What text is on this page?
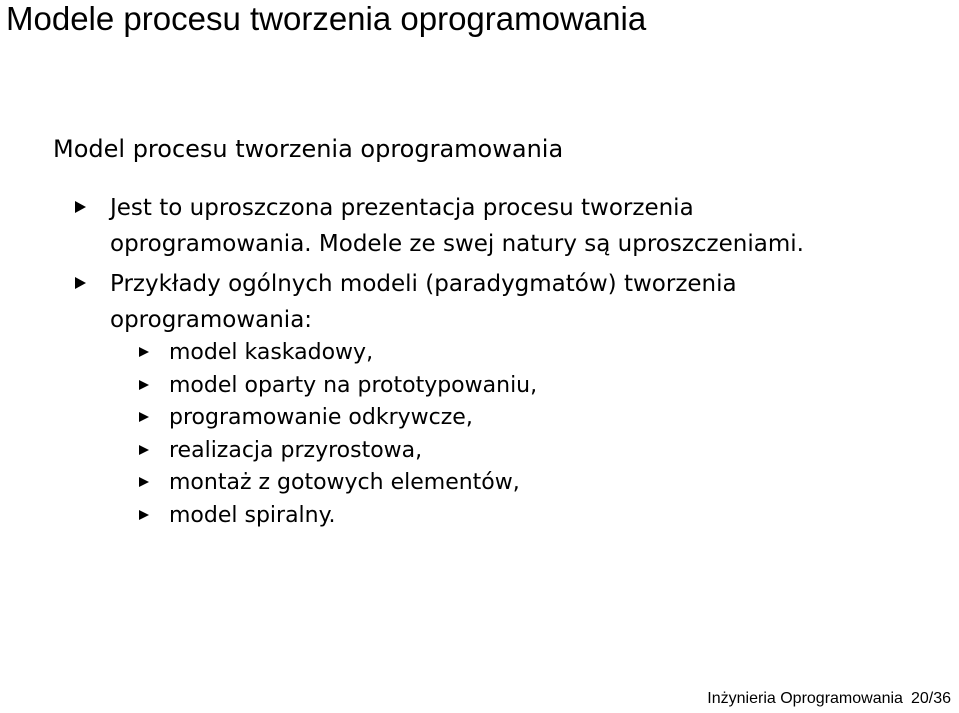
Modele procesu tworzenia oprogramowania
Model procesu tworzenia oprogramowania
Jest to uproszczona prezentacja procesu tworzenia
oprogramowania. Modele ze swej natury są uproszczeniami.
Przykłady ogólnych modeli (paradygmatów) tworzenia
oprogramowania:
model kaskadowy,
model oparty na prototypowaniu,
programowanie odkrywcze,
realizacja przyrostowa,
montaż z gotowych elementów,
model spiralny.
Inżynieria Oprogramowania 20/36
